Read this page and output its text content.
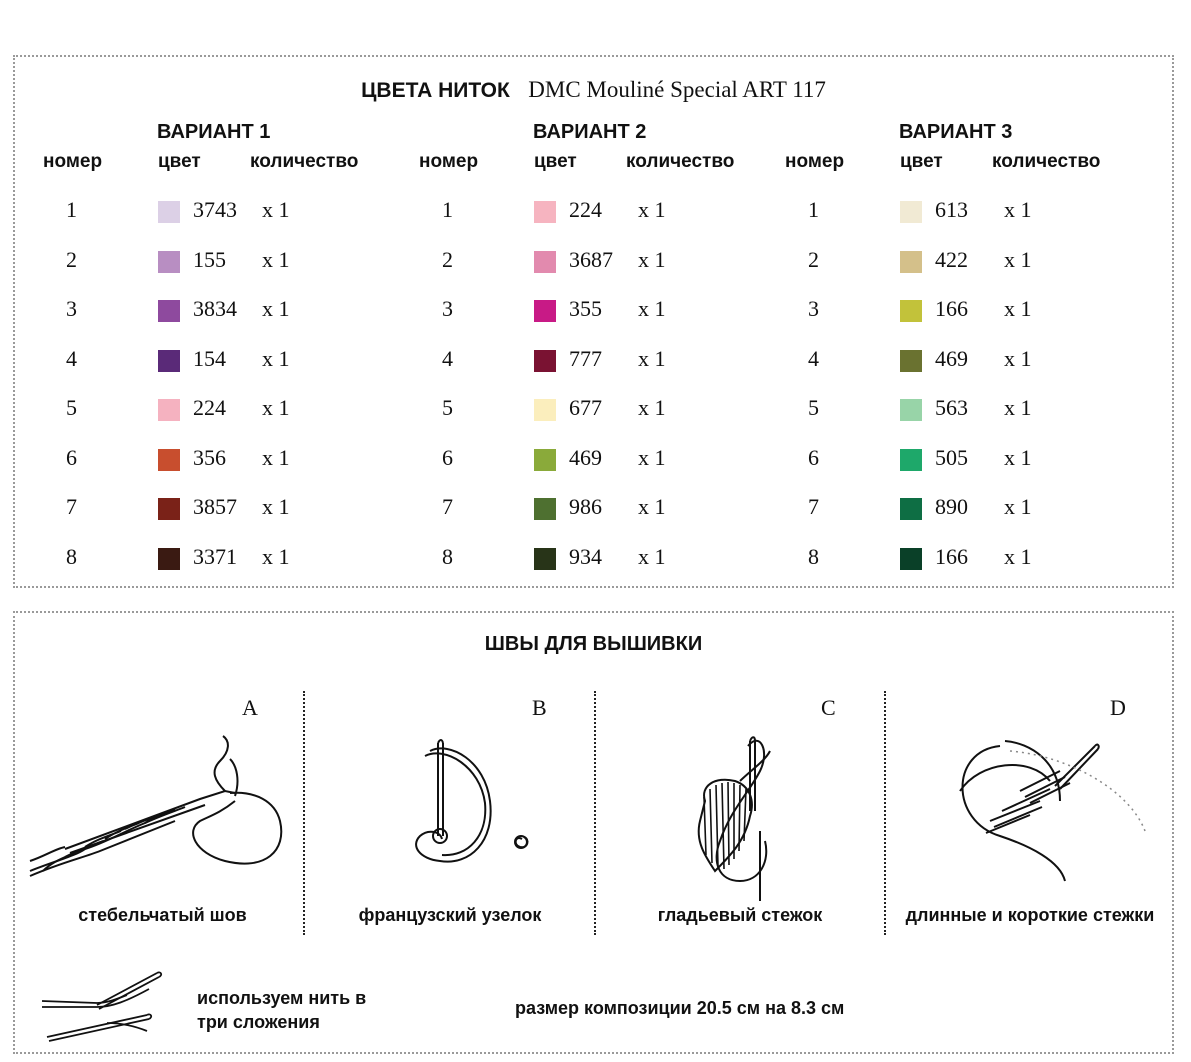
ЦВЕТА НИТОК DMC Mouliné Special ART 117
ВАРИАНТ 1
номер	цвет	количество
1	3743 x 1
2	155 x 1
3	3834 x 1
4	154 x 1
5	224 x 1
6	356 x 1
7	3857 x 1
8	3371 x 1
ВАРИАНТ 2
номер	цвет	количество
1	224 x 1
2	3687 x 1
3	355 x 1
4	777 x 1
5	677 x 1
6	469 x 1
7	986 x 1
8	934 x 1
ВАРИАНТ 3
номер	цвет	количество
1	613 x 1
2	422 x 1
3	166 x 1
4	469 x 1
5	563 x 1
6	505 x 1
7	890 x 1
8	166 x 1
ШВЫ ДЛЯ ВЫШИВКИ
A
стебельчатый шов
B
французский узелок
C
гладьевый стежок
D
длинные и короткие стежки
используем нить в
три сложения
размер композиции 20.5 см на 8.3 см
